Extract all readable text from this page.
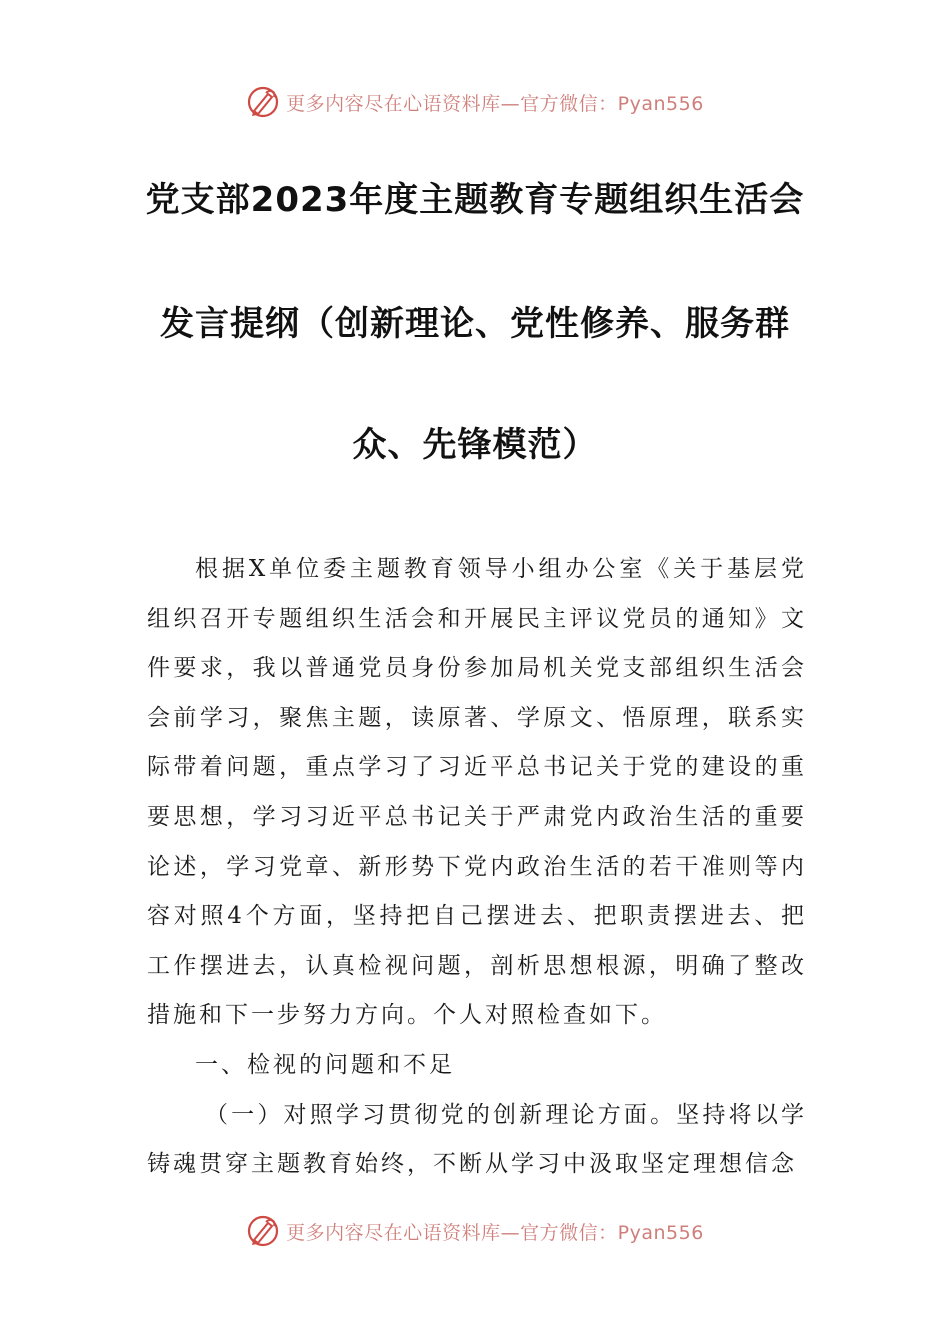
更多内容尽在心语资料库—官方微信：Pyan556
党支部2023年度主题教育专题组织生活会
发言提纲（创新理论、党性修养、服务群
众、先锋模范）

根据X单位委主题教育领导小组办公室《关于基层党组织召开专题组织生活会和开展民主评议党员的通知》文件要求，我以普通党员身份参加局机关党支部组织生活会会前学习，聚焦主题，读原著、学原文、悟原理，联系实际带着问题，重点学习了习近平总书记关于党的建设的重要思想，学习习近平总书记关于严肃党内政治生活的重要论述，学习党章、新形势下党内政治生活的若干准则等内容对照4个方面，坚持把自己摆进去、把职责摆进去、把工作摆进去，认真检视问题，剖析思想根源，明确了整改措施和下一步努力方向。个人对照检查如下。

一、检视的问题和不足

（一）对照学习贯彻党的创新理论方面。坚持将以学铸魂贯穿主题教育始终，不断从学习中汲取坚定理想信念

更多内容尽在心语资料库—官方微信：Pyan556
